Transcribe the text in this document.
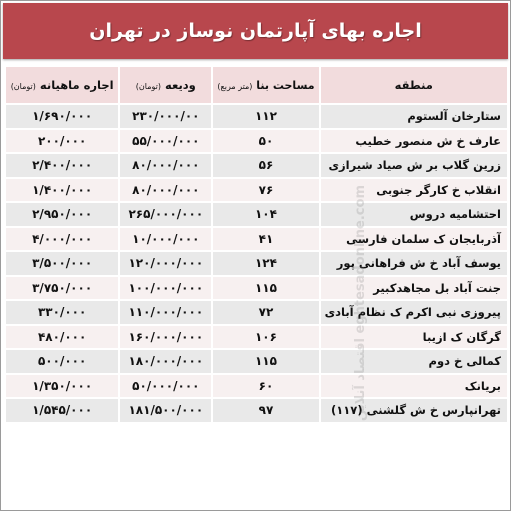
اجاره بهای آپارتمان نوساز در تهران
منطقه	مساحت بنا (متر مربع)	ودیعه (تومان)	اجاره ماهیانه (تومان)
ستارخان آلستوم	۱۱۲	۲۳۰/۰۰۰/۰۰	۱/۶۹۰/۰۰۰
عارف خ ش منصور خطیب	۵۰	۵۵/۰۰۰/۰۰۰	۲۰۰/۰۰۰
زرین گلاب بر ش صیاد شیرازی	۵۶	۸۰/۰۰۰/۰۰۰	۲/۴۰۰/۰۰۰
انقلاب خ کارگر جنوبی	۷۶	۸۰/۰۰۰/۰۰۰	۱/۴۰۰/۰۰۰
احتشامیه دروس	۱۰۴	۲۶۵/۰۰۰/۰۰۰	۲/۹۵۰/۰۰۰
آذربایجان ک سلمان فارسی	۴۱	۱۰/۰۰۰/۰۰۰	۴/۰۰۰/۰۰۰
یوسف آباد خ ش فراهانی پور	۱۲۴	۱۲۰/۰۰۰/۰۰۰	۳/۵۰۰/۰۰۰
جنت آباد بل مجاهدکبیر	۱۱۵	۱۰۰/۰۰۰/۰۰۰	۳/۷۵۰/۰۰۰
پیروزی نبی اکرم ک نظام آبادی	۷۲	۱۱۰/۰۰۰/۰۰۰	۳۳۰/۰۰۰
گرگان ک ازیبا	۱۰۶	۱۶۰/۰۰۰/۰۰۰	۴۸۰/۰۰۰
کمالی خ دوم	۱۱۵	۱۸۰/۰۰۰/۰۰۰	۵۰۰/۰۰۰
بریانک	۶۰	۵۰/۰۰۰/۰۰۰	۱/۳۵۰/۰۰۰
تهرانپارس خ ش گلشنی (۱۱۷)	۹۷	۱۸۱/۵۰۰/۰۰۰	۱/۵۴۵/۰۰۰	اقتصاد آنلاین eghtesadonline.com
